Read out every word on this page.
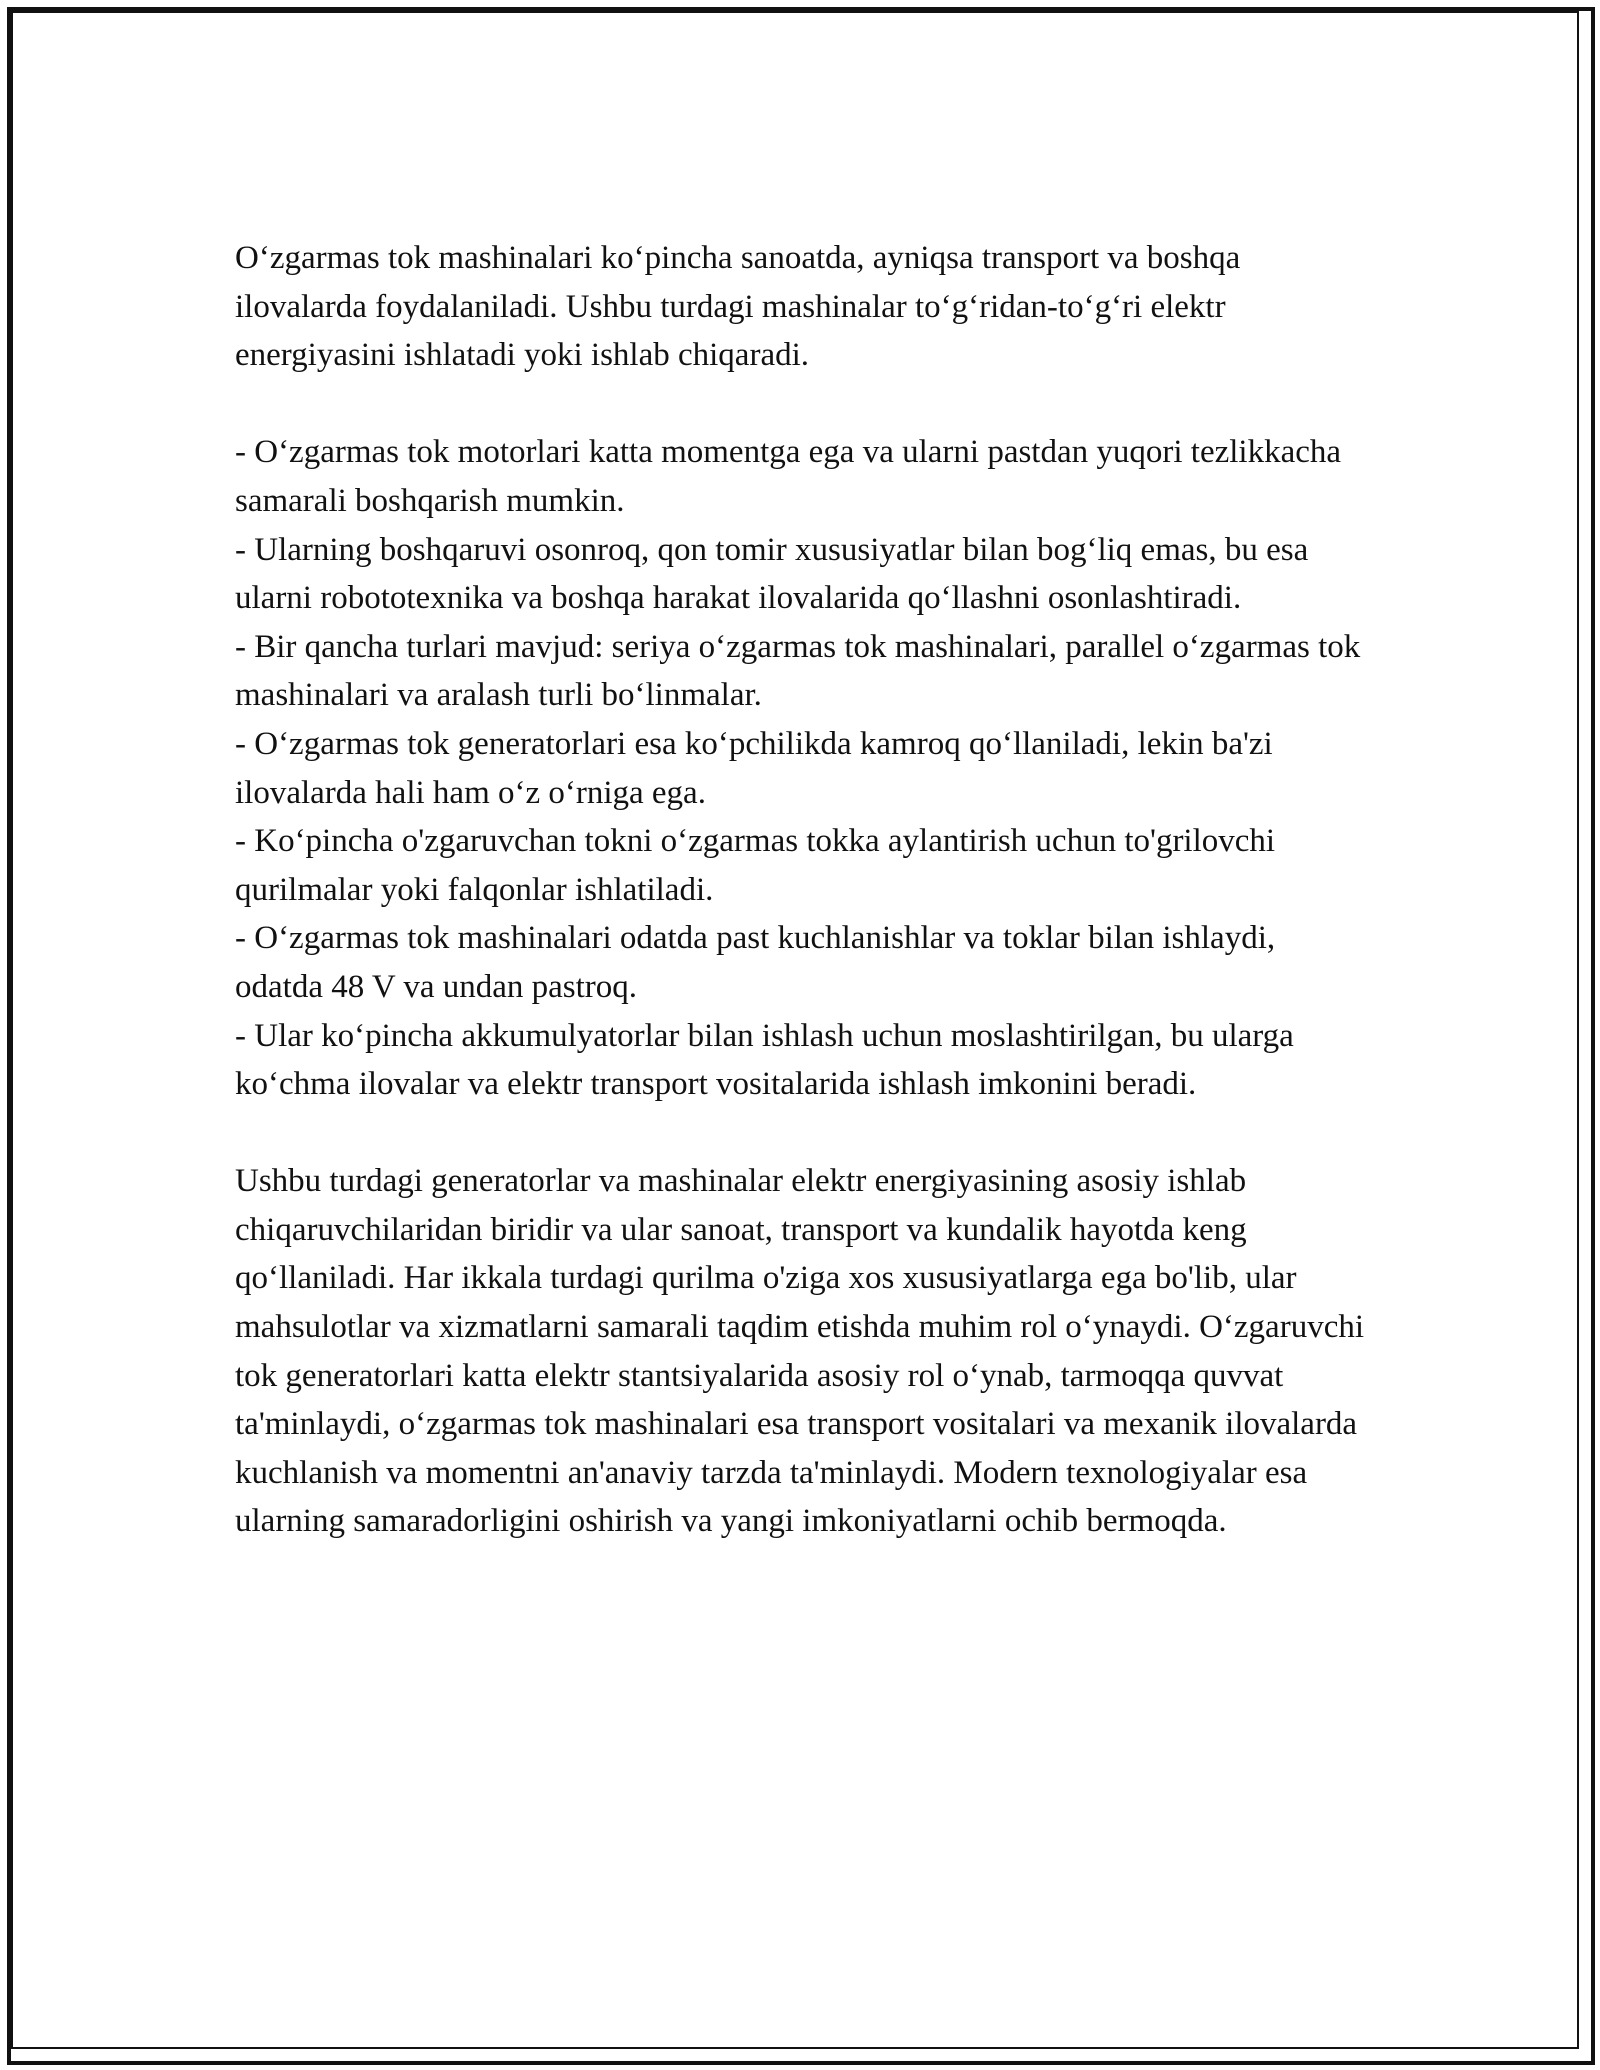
O‘zgarmas tok mashinalari ko‘pincha sanoatda, ayniqsa transport va boshqa ilovalarda foydalaniladi. Ushbu turdagi mashinalar to‘g‘ridan-to‘g‘ri elektr energiyasini ishlatadi yoki ishlab chiqaradi.

- O‘zgarmas tok motorlari katta momentga ega va ularni pastdan yuqori tezlikkacha samarali boshqarish mumkin.

- Ularning boshqaruvi osonroq, qon tomir xususiyatlar bilan bog‘liq emas, bu esa ularni robototexnika va boshqa harakat ilovalarida qo‘llashni osonlashtiradi.

- Bir qancha turlari mavjud: seriya o‘zgarmas tok mashinalari, parallel o‘zgarmas tok mashinalari va aralash turli bo‘linmalar.

- O‘zgarmas tok generatorlari esa ko‘pchilikda kamroq qo‘llaniladi, lekin ba'zi ilovalarda hali ham o‘z o‘rniga ega.

- Ko‘pincha o'zgaruvchan tokni o‘zgarmas tokka aylantirish uchun to'grilovchi qurilmalar yoki falqonlar ishlatiladi.

- O‘zgarmas tok mashinalari odatda past kuchlanishlar va toklar bilan ishlaydi, odatda 48 V va undan pastroq.

- Ular ko‘pincha akkumulyatorlar bilan ishlash uchun moslashtirilgan, bu ularga ko‘chma ilovalar va elektr transport vositalarida ishlash imkonini beradi.

Ushbu turdagi generatorlar va mashinalar elektr energiyasining asosiy ishlab chiqaruvchilaridan biridir va ular sanoat, transport va kundalik hayotda keng qo‘llaniladi. Har ikkala turdagi qurilma o'ziga xos xususiyatlarga ega bo'lib, ular mahsulotlar va xizmatlarni samarali taqdim etishda muhim rol o‘ynaydi. O‘zgaruvchi tok generatorlari katta elektr stantsiyalarida asosiy rol o‘ynab, tarmoqqa quvvat ta'minlaydi, o‘zgarmas tok mashinalari esa transport vositalari va mexanik ilovalarda kuchlanish va momentni an'anaviy tarzda ta'minlaydi. Modern texnologiyalar esa ularning samaradorligini oshirish va yangi imkoniyatlarni ochib bermoqda.
